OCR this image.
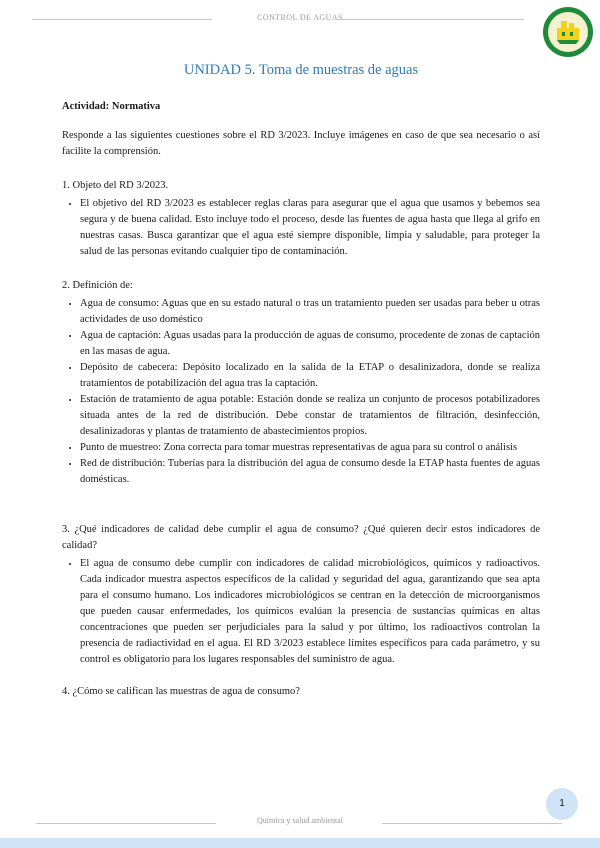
CONTROL DE AGUAS
UNIDAD 5. Toma de muestras de aguas
Actividad: Normativa

Responde a las siguientes cuestiones sobre el RD 3/2023. Incluye imágenes en caso de que sea necesario o así facilite la comprensión.

1. Objeto del RD 3/2023.

• El objetivo del RD 3/2023 es establecer reglas claras para asegurar que el agua que usamos y bebemos sea segura y de buena calidad. Esto incluye todo el proceso, desde las fuentes de agua hasta que llega al grifo en nuestras casas. Busca garantizar que el agua esté siempre disponible, limpia y saludable, para proteger la salud de las personas evitando cualquier tipo de contaminación.

2. Definición de:

• Agua de consumo: Aguas que en su estado natural o tras un tratamiento pueden ser usadas para beber u otras actividades de uso doméstico
• Agua de captación: Aguas usadas para la producción de aguas de consumo, procedente de zonas de captación en las masas de agua.
• Depósito de cabecera: Depósito localizado en la salida de la ETAP o desalinizadora, donde se realiza tratamientos de potabilización del agua tras la captación.
• Estación de tratamiento de agua potable: Estación donde se realiza un conjunto de procesos potabilizadores situada antes de la red de distribución. Debe constar de tratamientos de filtración, desinfección, desalinizadoras y plantas de tratamiento de abastecimientos propios.
• Punto de muestreo: Zona correcta para tomar muestras representativas de agua para su control o análisis
• Red de distribución: Tuberías para la distribución del agua de consumo desde la ETAP hasta fuentes de aguas domésticas.

3. ¿Qué indicadores de calidad debe cumplir el agua de consumo? ¿Qué quieren decir estos indicadores de calidad?

• El agua de consumo debe cumplir con indicadores de calidad microbiológicos, químicos y radioactivos. Cada indicador muestra aspectos específicos de la calidad y seguridad del agua, garantizando que sea apta para el consumo humano. Los indicadores microbiológicos se centran en la detección de microorganismos que pueden causar enfermedades, los químicos evalúan la presencia de sustancias químicas en altas concentraciones que pueden ser perjudiciales para la salud y por último, los radioactivos controlan la presencia de radiactividad en el agua. El RD 3/2023 establece límites específicos para cada parámetro, y su control es obligatorio para los lugares responsables del suministro de agua.

4. ¿Cómo se califican las muestras de agua de consumo?

1
Química y salud ambiental
